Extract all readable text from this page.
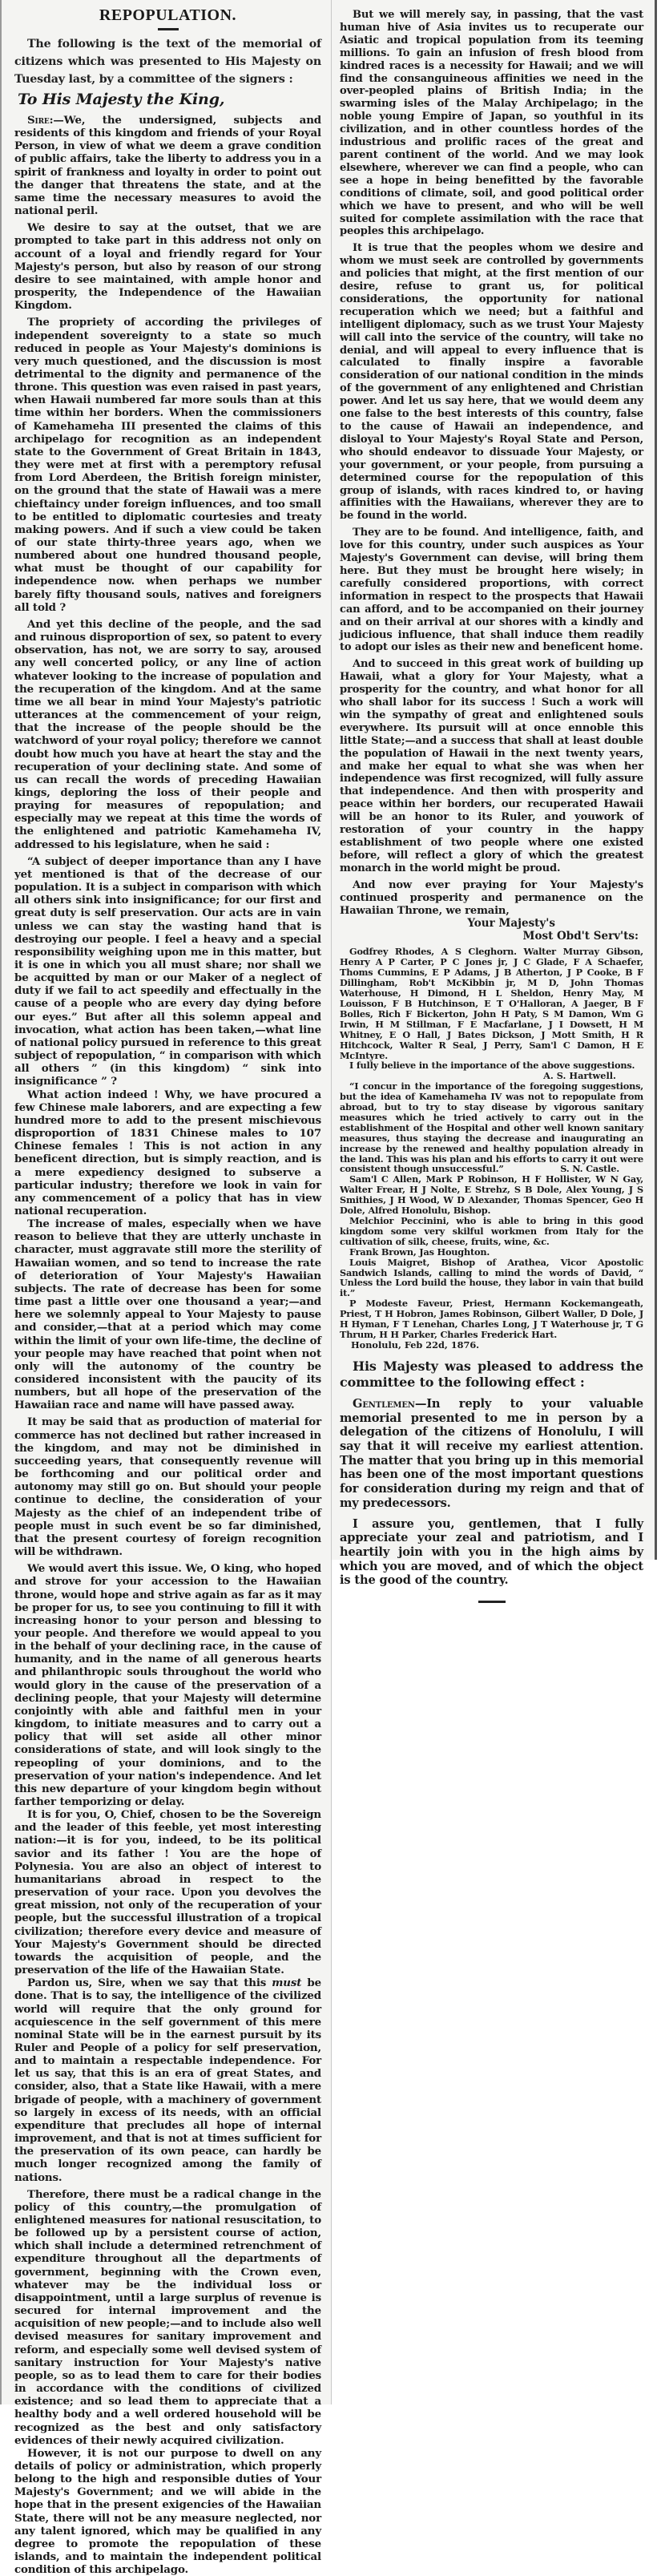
REPOPULATION.

The following is the text of the memorial of citizens which was presented to His Majesty on Tuesday last, by a committee of the signers :

To His Majesty the King,

Sire:—We, the undersigned, subjects and residents of this kingdom and friends of your Royal Person, in view of what we deem a grave condition of public affairs, take the liberty to address you in a spirit of frankness and loyalty in order to point out the danger that threatens the state, and at the same time the necessary measures to avoid the national peril.

We desire to say at the outset, that we are prompted to take part in this address not only on account of a loyal and friendly regard for Your Majesty's person, but also by reason of our strong desire to see maintained, with ample honor and prosperity, the Independence of the Hawaiian Kingdom.

The propriety of according the privileges of independent sovereignty to a state so much reduced in people as Your Majesty's dominions is very much questioned, and the discussion is most detrimental to the dignity and permanence of the throne. This question was even raised in past years, when Hawaii numbered far more souls than at this time within her borders. When the commissioners of Kamehameha III presented the claims of this archipelago for recognition as an independent state to the Government of Great Britain in 1843, they were met at first with a peremptory refusal from Lord Aberdeen, the British foreign minister, on the ground that the state of Hawaii was a mere chieftaincy under foreign influences, and too small to be entitled to diplomatic courtesies and treaty making powers. And if such a view could be taken of our state thirty-three years ago, when we numbered about one hundred thousand people, what must be thought of our capability for independence now. when perhaps we number barely fifty thousand souls, natives and foreigners all told ?

And yet this decline of the people, and the sad and ruinous disproportion of sex, so patent to every observation, has not, we are sorry to say, aroused any well concerted policy, or any line of action whatever looking to the increase of population and the recuperation of the kingdom. And at the same time we all bear in mind Your Majesty's patriotic utterances at the commencement of your reign, that the increase of the people should be the watchword of your royal policy; therefore we cannot doubt how much you have at heart the stay and the recuperation of your declining state. And some of us can recall the words of preceding Hawaiian kings, deploring the loss of their people and praying for measures of repopulation; and especially may we repeat at this time the words of the enlightened and patriotic Kamehameha IV, addressed to his legislature, when he said :

“A subject of deeper importance than any I have yet mentioned is that of the decrease of our population. It is a subject in comparison with which all others sink into insignificance; for our first and great duty is self preservation. Our acts are in vain unless we can stay the wasting hand that is destroying our people. I feel a heavy and a special responsibility weighing upon me in this matter, but it is one in which you all must share; nor shall we be acquitted by man or our Maker of a neglect of duty if we fail to act speedily and effectually in the cause of a people who are every day dying before our eyes.” But after all this solemn appeal and invocation, what action has been taken,—what line of national policy pursued in reference to this great subject of repopulation, “ in comparison with which all others ” (in this kingdom) “ sink into insignificance ” ?

What action indeed ! Why, we have procured a few Chinese male laborers, and are expecting a few hundred more to add to the present mischievous disproportion of 1831 Chinese males to 107 Chinese females ! This is not action in any beneficent direction, but is simply reaction, and is a mere expediency designed to subserve a particular industry; therefore we look in vain for any commencement of a policy that has in view national recuperation.

The increase of males, especially when we have reason to believe that they are utterly unchaste in character, must aggravate still more the sterility of Hawaiian women, and so tend to increase the rate of deterioration of Your Majesty's Hawaiian subjects. The rate of decrease has been for some time past a little over one thousand a year;—and here we solemnly appeal to Your Majesty to pause and consider,—that at a period which may come within the limit of your own life-time, the decline of your people may have reached that point when not only will the autonomy of the country be considered inconsistent with the paucity of its numbers, but all hope of the preservation of the Hawaiian race and name will have passed away.

It may be said that as production of material for commerce has not declined but rather increased in the kingdom, and may not be diminished in succeeding years, that consequently revenue will be forthcoming and our political order and autonomy may still go on. But should your people continue to decline, the consideration of your Majesty as the chief of an independent tribe of people must in such event be so far diminished, that the present courtesy of foreign recognition will be withdrawn.

We would avert this issue. We, O king, who hoped and strove for your accession to the Hawaiian throne, would hope and strive again as far as it may be proper for us, to see you continuing to fill it with increasing honor to your person and blessing to your people. And therefore we would appeal to you in the behalf of your declining race, in the cause of humanity, and in the name of all generous hearts and philanthropic souls throughout the world who would glory in the cause of the preservation of a declining people, that your Majesty will determine conjointly with able and faithful men in your kingdom, to initiate measures and to carry out a policy that will set aside all other minor considerations of state, and will look singly to the repeopling of your dominions, and to the preservation of your nation's independence. And let this new departure of your kingdom begin without farther temporizing or delay.

It is for you, O, Chief, chosen to be the Sovereign and the leader of this feeble, yet most interesting nation:—it is for you, indeed, to be its political savior and its father ! You are the hope of Polynesia. You are also an object of interest to humanitarians abroad in respect to the preservation of your race. Upon you devolves the great mission, not only of the recuperation of your people, but the successful illustration of a tropical civilization; therefore every device and measure of Your Majesty's Government should be directed towards the acquisition of people, and the preservation of the life of the Hawaiian State.

Pardon us, Sire, when we say that this must be done. That is to say, the intelligence of the civilized world will require that the only ground for acquiescence in the self government of this mere nominal State will be in the earnest pursuit by its Ruler and People of a policy for self preservation, and to maintain a respectable independence. For let us say, that this is an era of great States, and consider, also, that a State like Hawaii, with a mere brigade of people, with a machinery of government so largely in excess of its needs, with an official expenditure that precludes all hope of internal improvement, and that is not at times sufficient for the preservation of its own peace, can hardly be much longer recognized among the family of nations.

Therefore, there must be a radical change in the policy of this country,—the promulgation of enlightened measures for national resuscitation, to be followed up by a persistent course of action, which shall include a determined retrenchment of expenditure throughout all the departments of government, beginning with the Crown even, whatever may be the individual loss or disappointment, until a large surplus of revenue is secured for internal improvement and the acquisition of new people;—and to include also well devised measures for sanitary improvement and reform, and especially some well devised system of sanitary instruction for Your Majesty's native people, so as to lead them to care for their bodies in accordance with the conditions of civilized existence; and so lead them to appreciate that a healthy body and a well ordered household will be recognized as the best and only satisfactory evidences of their newly acquired civilization.

However, it is not our purpose to dwell on any details of policy or administration, which properly belong to the high and responsible duties of Your Majesty's Government; and we will abide in the hope that in the present exigencies of the Hawaiian State, there will not be any measure neglected, nor any talent ignored, which may be qualified in any degree to promote the repopulation of these islands, and to maintain the independent political condition of this archipelago.

But we will merely say, in passing, that the vast human hive of Asia invites us to recuperate our Asiatic and tropical population from its teeming millions. To gain an infusion of fresh blood from kindred races is a necessity for Hawaii; and we will find the consanguineous affinities we need in the over-peopled plains of British India; in the swarming isles of the Malay Archipelago; in the noble young Empire of Japan, so youthful in its civilization, and in other countless hordes of the industrious and prolific races of the great and parent continent of the world. And we may look elsewhere, wherever we can find a people, who can see a hope in being benefitted by the favorable conditions of climate, soil, and good political order which we have to present, and who will be well suited for complete assimilation with the race that peoples this archipelago.

It is true that the peoples whom we desire and whom we must seek are controlled by governments and policies that might, at the first mention of our desire, refuse to grant us, for political considerations, the opportunity for national recuperation which we need; but a faithful and intelligent diplomacy, such as we trust Your Majesty will call into the service of the country, will take no denial, and will appeal to every influence that is calculated to finally inspire a favorable consideration of our national condition in the minds of the government of any enlightened and Christian power. And let us say here, that we would deem any one false to the best interests of this country, false to the cause of Hawaii an independence, and disloyal to Your Majesty's Royal State and Person, who should endeavor to dissuade Your Majesty, or your government, or your people, from pursuing a determined course for the repopulation of this group of islands, with races kindred to, or having affinities with the Hawaiians, wherever they are to be found in the world.

They are to be found. And intelligence, faith, and love for this country, under such auspices as Your Majesty's Government can devise, will bring them here. But they must be brought here wisely; in carefully considered proportions, with correct information in respect to the prospects that Hawaii can afford, and to be accompanied on their journey and on their arrival at our shores with a kindly and judicious influence, that shall induce them readily to adopt our isles as their new and beneficent home.

And to succeed in this great work of building up Hawaii, what a glory for Your Majesty, what a prosperity for the country, and what honor for all who shall labor for its success ! Such a work will win the sympathy of great and enlightened souls everywhere. Its pursuit will at once ennoble this little State;—and a success that shall at least double the population of Hawaii in the next twenty years, and make her equal to what she was when her independence was first recognized, will fully assure that independence. And then with prosperity and peace within her borders, our recuperated Hawaii will be an honor to its Ruler, and youwork of restoration of your country in the happy establishment of two people where one existed before, will reflect a glory of which the greatest monarch in the world might be proud.

And now ever praying for Your Majesty's continued prosperity and permanence on the Hawaiian Throne, we remain,

Your Majesty's
Most Obd't Serv'ts:

Godfrey Rhodes, A S Cleghorn. Walter Murray Gibson, Henry A P Carter, P C Jones jr, J C Glade, F A Schaefer, Thoms Cummins, E P Adams, J B Atherton, J P Cooke, B F Dillingham, Rob't McKibbin jr, M D, John Thomas Waterhouse, H Dimond, H L Sheldon, Henry May, M Louisson, F B Hutchinson, E T O'Halloran, A Jaeger, B F Bolles, Rich F Bickerton, John H Paty, S M Damon, Wm G Irwin, H M Stillman, F E Macfarlane, J I Dowsett, H M Whitney, E O Hall, J Bates Dickson, J Mott Smith, H R Hitchcock, Walter R Seal, J Perry, Sam'l C Damon, H E McIntyre.

I fully believe in the importance of the above suggestions.

A. S. Hartwell.

“I concur in the importance of the foregoing suggestions, but the idea of Kamehameha IV was not to repopulate from abroad, but to try to stay disease by vigorous sanitary measures which he tried actively to carry out in the establishment of the Hospital and other well known sanitary measures, thus staying the decrease and inaugurating an increase by the renewed and healthy population already in the land. This was his plan and his efforts to carry it out were consistent though unsuccessful.”	S. N. Castle.

Sam'l C Allen, Mark P Robinson, H F Hollister, W N Gay, Walter Frear, H J Nolte, E Strehz, S B Dole, Alex Young, J S Smithies, J H Wood, W D Alexander, Thomas Spencer, Geo H Dole, Alfred Honolulu, Bishop.

Melchior Peccinini, who is able to bring in this good kingdom some very skilful workmen from Italy for the cultivation of silk, cheese, fruits, wine, &c.

Frank Brown, Jas Houghton.

Louis Maigret, Bishop of Arathea, Vicor Apostolic Sandwich Islands, calling to mind the words of David, “ Unless the Lord build the house, they labor in vain that build it.”

P Modeste Faveur, Priest, Hermann Kockemangeath, Priest, T H Hobron, James Robinson, Gilbert Waller, D Dole, J H Hyman, F T Lenehan, Charles Long, J T Waterhouse jr, T G Thrum, H H Parker, Charles Frederick Hart.

Honolulu, Feb 22d, 1876.

His Majesty was pleased to address the committee to the following effect :

Gentlemen—In reply to your valuable memorial presented to me in person by a delegation of the citizens of Honolulu, I will say that it will receive my earliest attention. The matter that you bring up in this memorial has been one of the most important questions for consideration during my reign and that of my predecessors.

I assure you, gentlemen, that I fully appreciate your zeal and patriotism, and I heartily join with you in the high aims by which you are moved, and of which the object is the good of the country.
